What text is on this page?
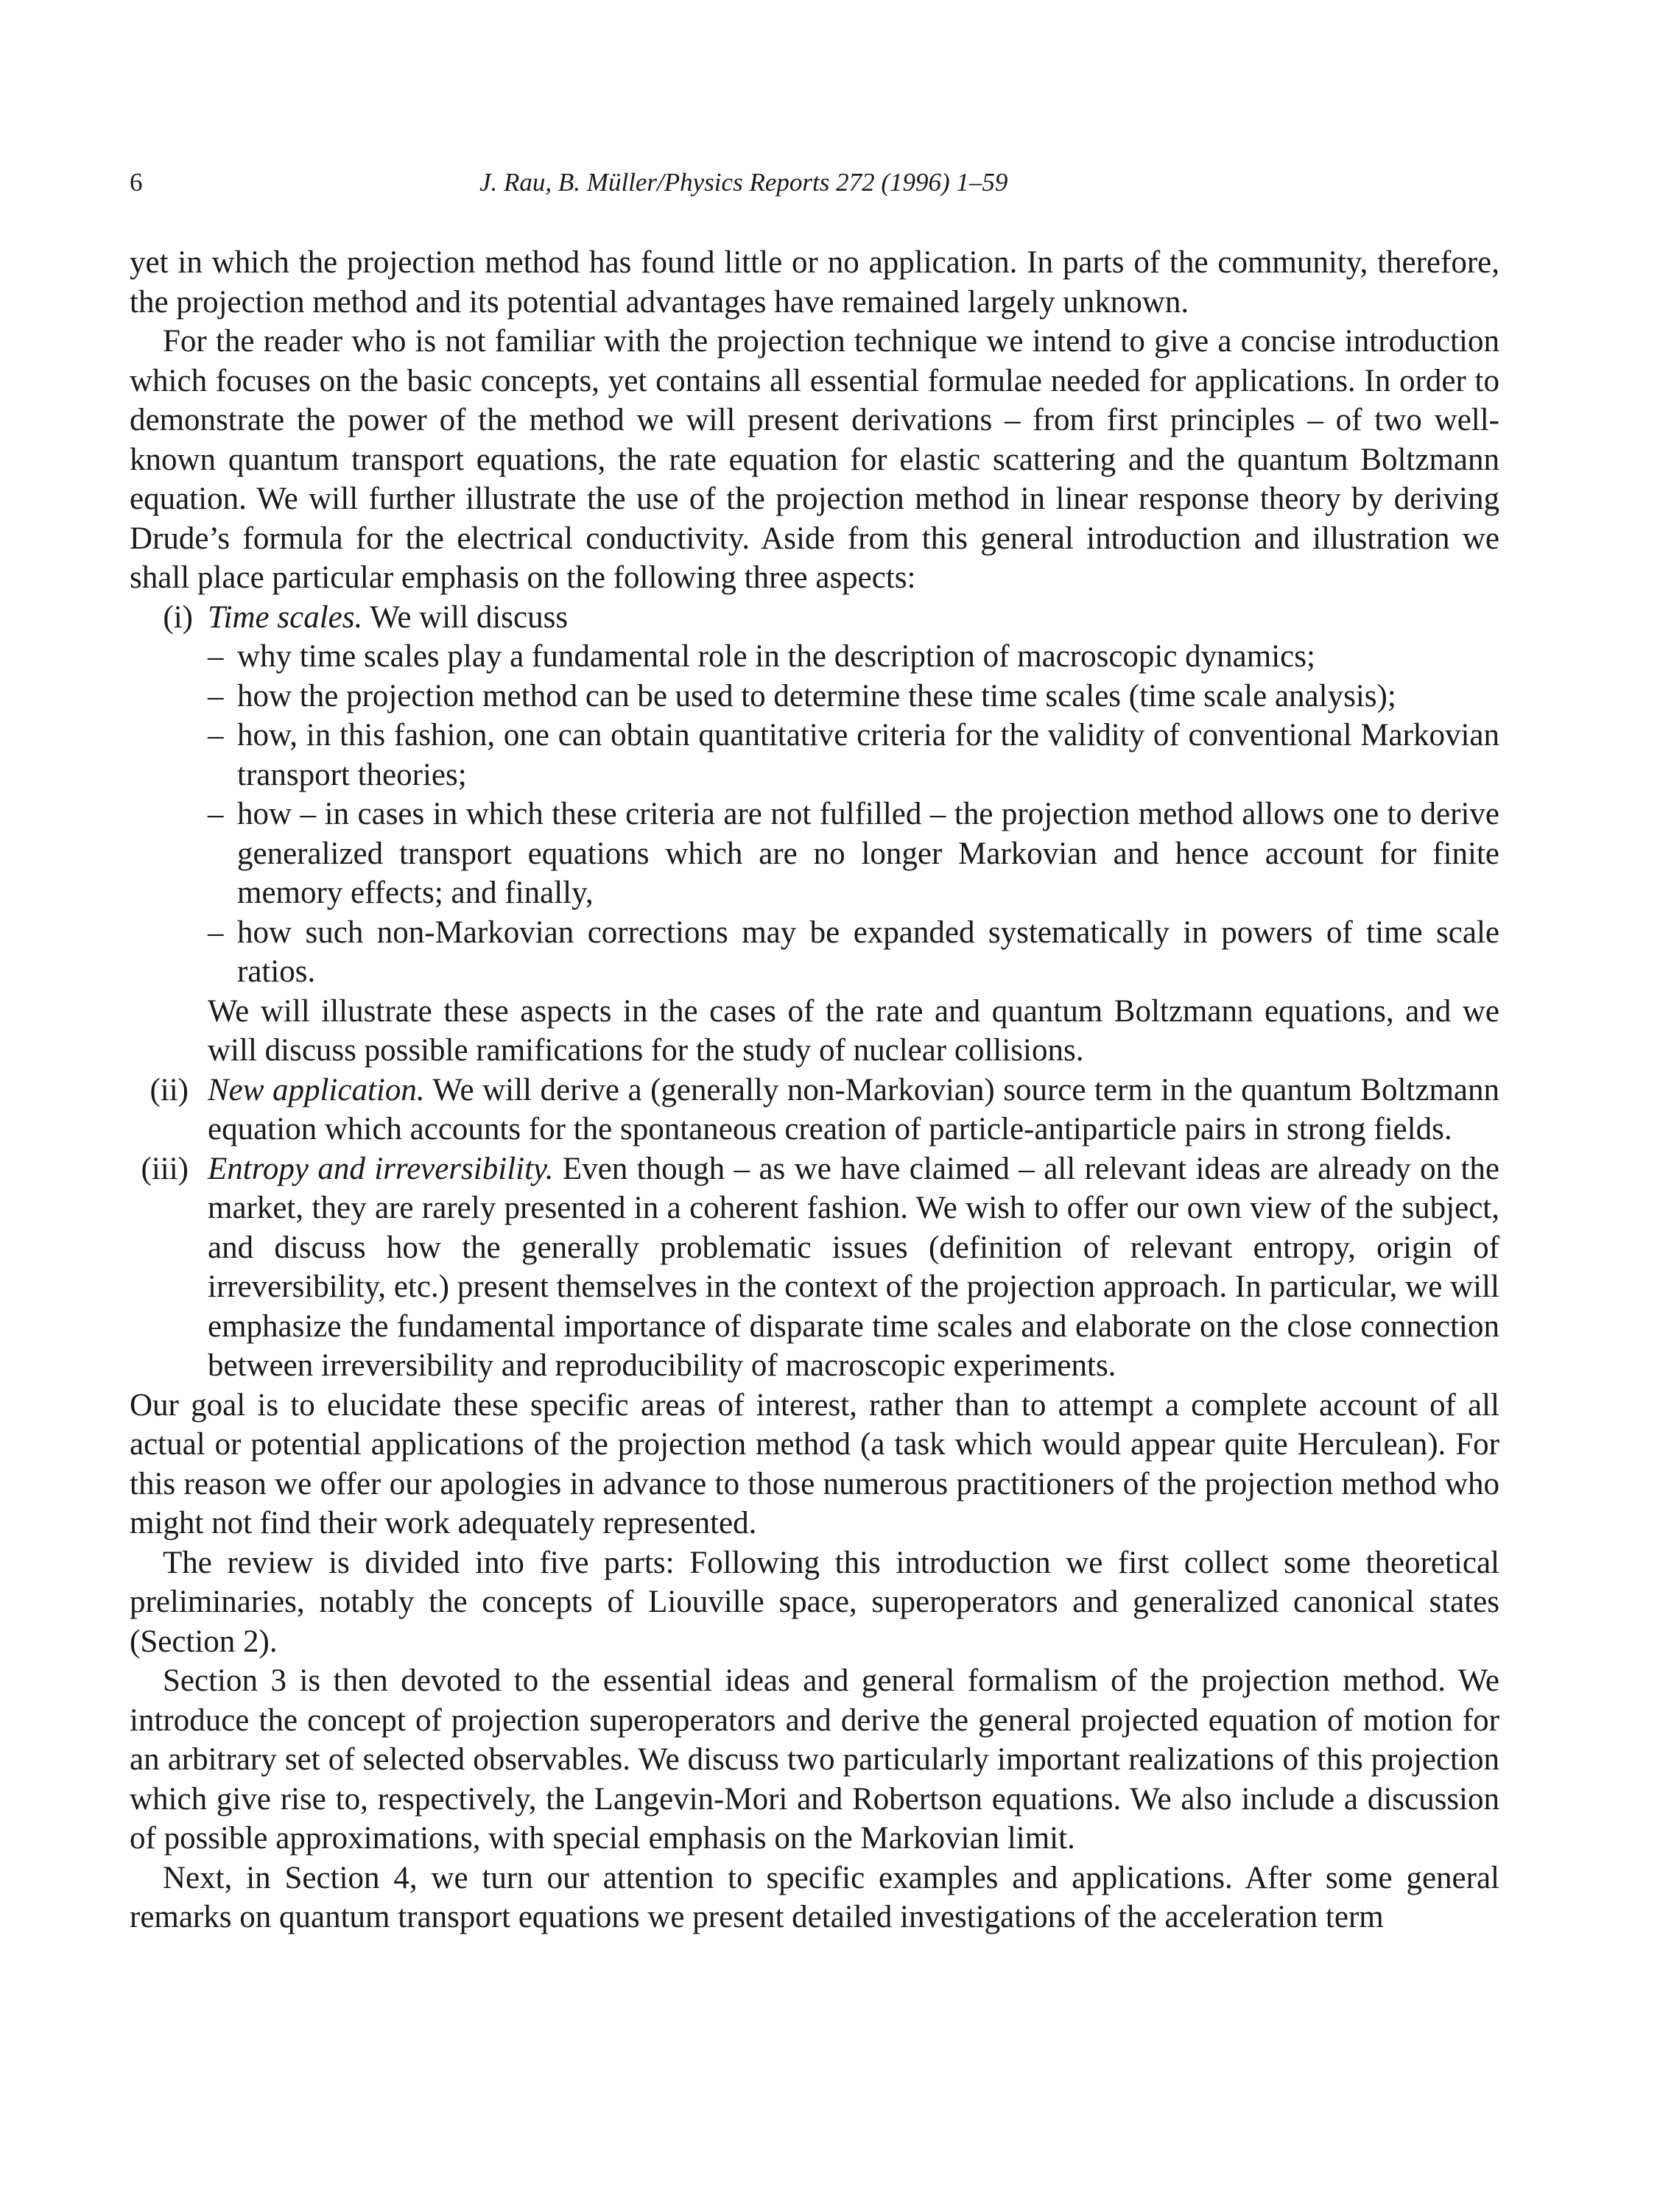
6	J. Rau, B. Müller/Physics Reports 272 (1996) 1–59

yet in which the projection method has found little or no application. In parts of the community, therefore, the projection method and its potential advantages have remained largely unknown.

For the reader who is not familiar with the projection technique we intend to give a concise introduction which focuses on the basic concepts, yet contains all essential formulae needed for applications. In order to demonstrate the power of the method we will present derivations – from first principles – of two well-known quantum transport equations, the rate equation for elastic scattering and the quantum Boltzmann equation. We will further illustrate the use of the projection method in linear response theory by deriving Drude’s formula for the electrical conductivity. Aside from this general introduction and illustration we shall place particular emphasis on the following three aspects:

(i) Time scales. We will discuss

– why time scales play a fundamental role in the description of macroscopic dynamics;
– how the projection method can be used to determine these time scales (time scale analysis);
– how, in this fashion, one can obtain quantitative criteria for the validity of conventional Markovian transport theories;
– how – in cases in which these criteria are not fulfilled – the projection method allows one to derive generalized transport equations which are no longer Markovian and hence account for finite memory effects; and finally,
– how such non-Markovian corrections may be expanded systematically in powers of time scale ratios.

We will illustrate these aspects in the cases of the rate and quantum Boltzmann equations, and we will discuss possible ramifications for the study of nuclear collisions.

(ii) New application. We will derive a (generally non-Markovian) source term in the quantum Boltzmann equation which accounts for the spontaneous creation of particle-antiparticle pairs in strong fields.

(iii) Entropy and irreversibility. Even though – as we have claimed – all relevant ideas are already on the market, they are rarely presented in a coherent fashion. We wish to offer our own view of the subject, and discuss how the generally problematic issues (definition of relevant entropy, origin of irreversibility, etc.) present themselves in the context of the projection approach. In particular, we will emphasize the fundamental importance of disparate time scales and elaborate on the close connection between irreversibility and reproducibility of macroscopic experiments.

Our goal is to elucidate these specific areas of interest, rather than to attempt a complete account of all actual or potential applications of the projection method (a task which would appear quite Herculean). For this reason we offer our apologies in advance to those numerous practitioners of the projection method who might not find their work adequately represented.

The review is divided into five parts: Following this introduction we first collect some theoretical preliminaries, notably the concepts of Liouville space, superoperators and generalized canonical states (Section 2).

Section 3 is then devoted to the essential ideas and general formalism of the projection method. We introduce the concept of projection superoperators and derive the general projected equation of motion for an arbitrary set of selected observables. We discuss two particularly important realizations of this projection which give rise to, respectively, the Langevin-Mori and Robertson equations. We also include a discussion of possible approximations, with special emphasis on the Markovian limit.

Next, in Section 4, we turn our attention to specific examples and applications. After some general remarks on quantum transport equations we present detailed investigations of the acceleration term
